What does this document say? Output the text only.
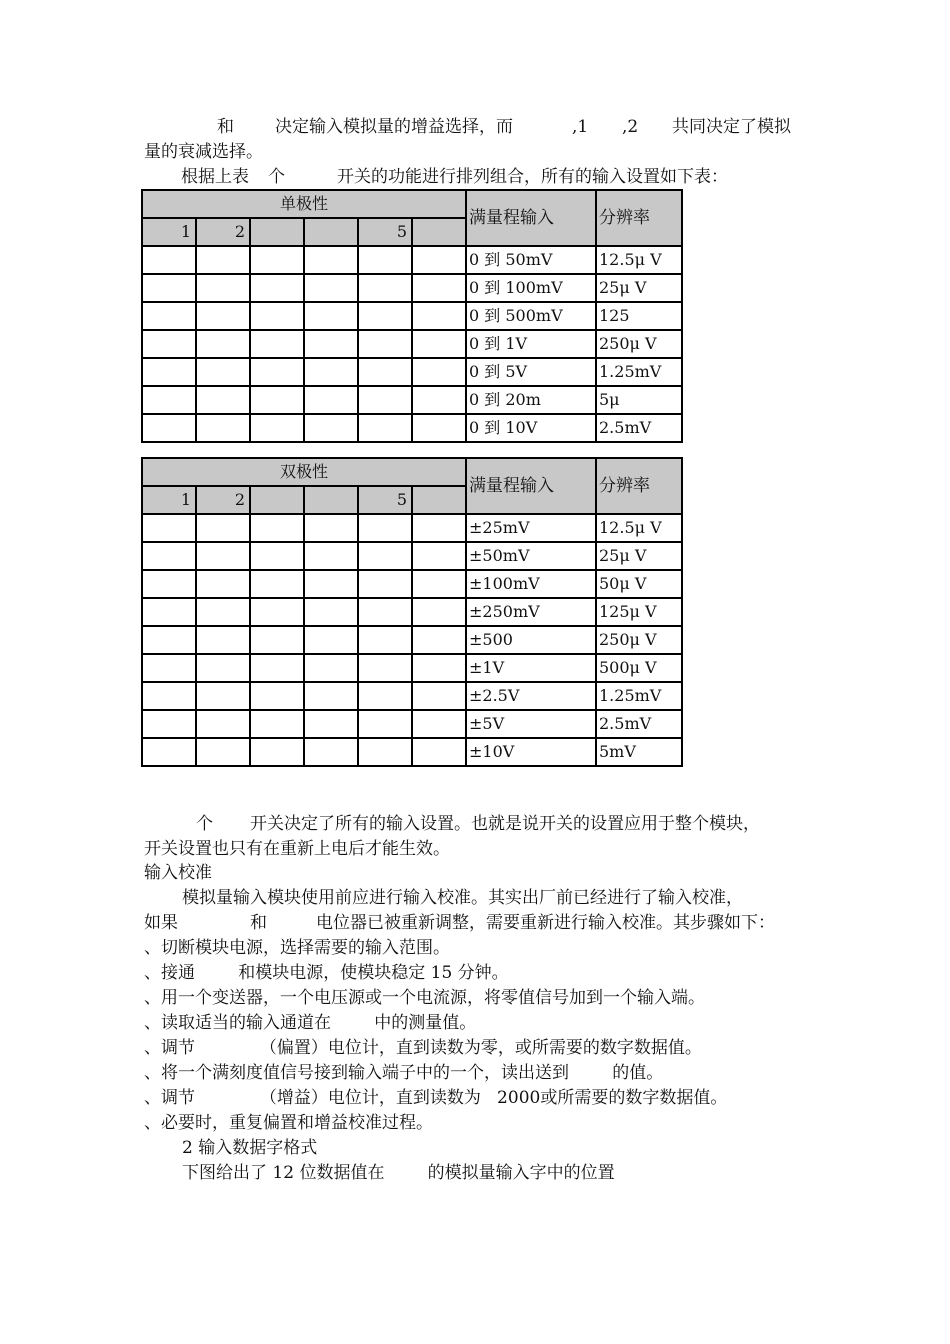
和 决定输入模拟量的增益选择，而	,1 ,2 共同决定了模拟
量的衰减选择。
根据上表 个	开关的功能进行排列组合，所有的输入设置如下表：
单极性						满量程输入	分辨率
1	2			5			
						0 到 50mV	12.5μ V
						0 到 100mV	25μ V
						0 到 500mV	125
						0 到 1V	250μ V
						0 到 5V	1.25mV
						0 到 20m	5μ
						0 到 10V	2.5mV
双极性						满量程输入	分辨率
1	2			5			
						±25mV	12.5μ V
						±50mV	25μ V
						±100mV	50μ V
						±250mV	125μ V
						±500	250μ V
						±1V	500μ V
						±2.5V	1.25mV
						±5V	2.5mV
						±10V	5mV
个 开关决定了所有的输入设置。也就是说开关的设置应用于整个模块，
开关设置也只有在重新上电后才能生效。
输入校准
模拟量输入模块使用前应进行输入校准。其实出厂前已经进行了输入校准，
如果	和	电位器已被重新调整，需要重新进行输入校准。其步骤如下：
、切断模块电源，选择需要的输入范围。
、接通        和模块电源，使模块稳定 15 分钟。
、用一个变送器，一个电压源或一个电流源，将零值信号加到一个输入端。
、读取适当的输入通道在        中的测量值。
、调节            （偏置）电位计，直到读数为零，或所需要的数字数据值。
、将一个满刻度值信号接到输入端子中的一个，读出送到        的值。
、调节            （增益）电位计，直到读数为   2000或所需要的数字数据值。
、必要时，重复偏置和增益校准过程。
2 输入数据字格式
下图给出了 12 位数据值在        的模拟量输入字中的位置
